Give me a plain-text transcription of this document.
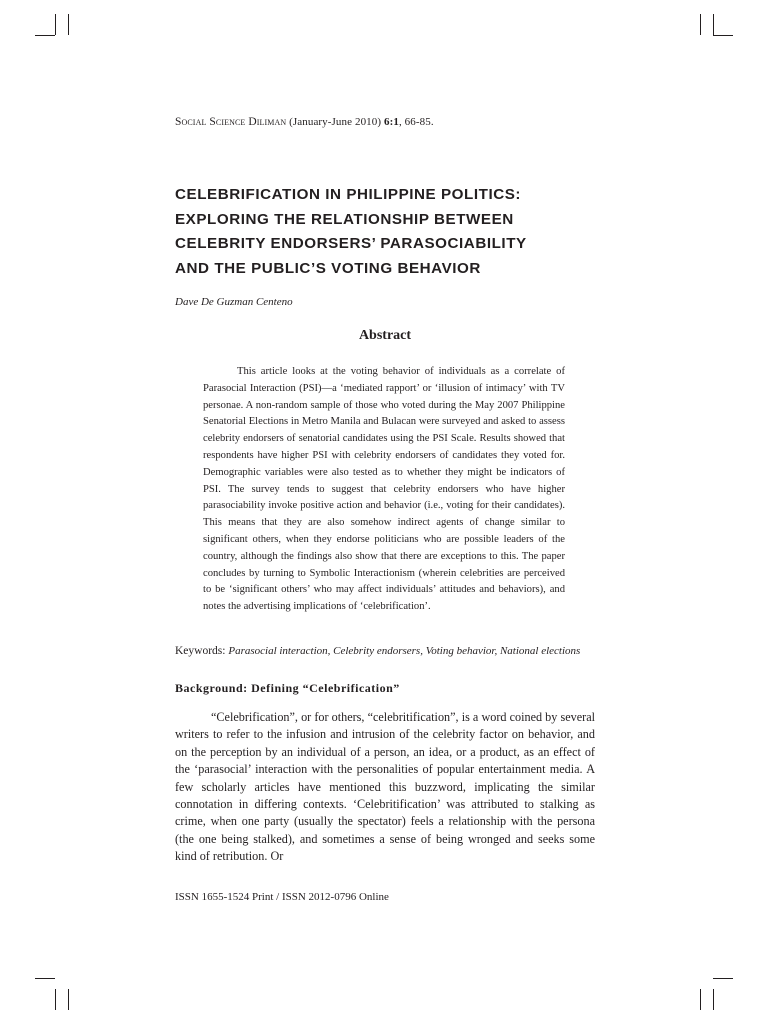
Social Science Diliman (January-June 2010) 6:1, 66-85.
CELEBRIFICATION IN PHILIPPINE POLITICS:
EXPLORING THE RELATIONSHIP BETWEEN
CELEBRITY ENDORSERS’ PARASOCIABILITY
AND THE PUBLIC’S VOTING BEHAVIOR
Dave De Guzman Centeno
Abstract

This article looks at the voting behavior of individuals as a correlate of Parasocial Interaction (PSI)—a ‘mediated rapport’ or ‘illusion of intimacy’ with TV personae. A non-random sample of those who voted during the May 2007 Philippine Senatorial Elections in Metro Manila and Bulacan were surveyed and asked to assess celebrity endorsers of senatorial candidates using the PSI Scale. Results showed that respondents have higher PSI with celebrity endorsers of candidates they voted for. Demographic variables were also tested as to whether they might be indicators of PSI. The survey tends to suggest that celebrity endorsers who have higher parasociability invoke positive action and behavior (i.e., voting for their candidates). This means that they are also somehow indirect agents of change similar to significant others, when they endorse politicians who are possible leaders of the country, although the findings also show that there are exceptions to this. The paper concludes by turning to Symbolic Interactionism (wherein celebrities are perceived to be ‘significant others’ who may affect individuals’ attitudes and behaviors), and notes the advertising implications of ‘celebrification’.

Keywords: Parasocial interaction, Celebrity endorsers, Voting behavior, National elections
Background: Defining “Celebrification”

“Celebrification”, or for others, “celebritification”, is a word coined by several writers to refer to the infusion and intrusion of the celebrity factor on behavior, and on the perception by an individual of a person, an idea, or a product, as an effect of the ‘parasocial’ interaction with the personalities of popular entertainment media. A few scholarly articles have mentioned this buzzword, implicating the similar connotation in differing contexts. ‘Celebritification’ was attributed to stalking as crime, when one party (usually the spectator) feels a relationship with the persona (the one being stalked), and sometimes a sense of being wronged and seeks some kind of retribution. Or

ISSN 1655-1524 Print / ISSN 2012-0796 Online
